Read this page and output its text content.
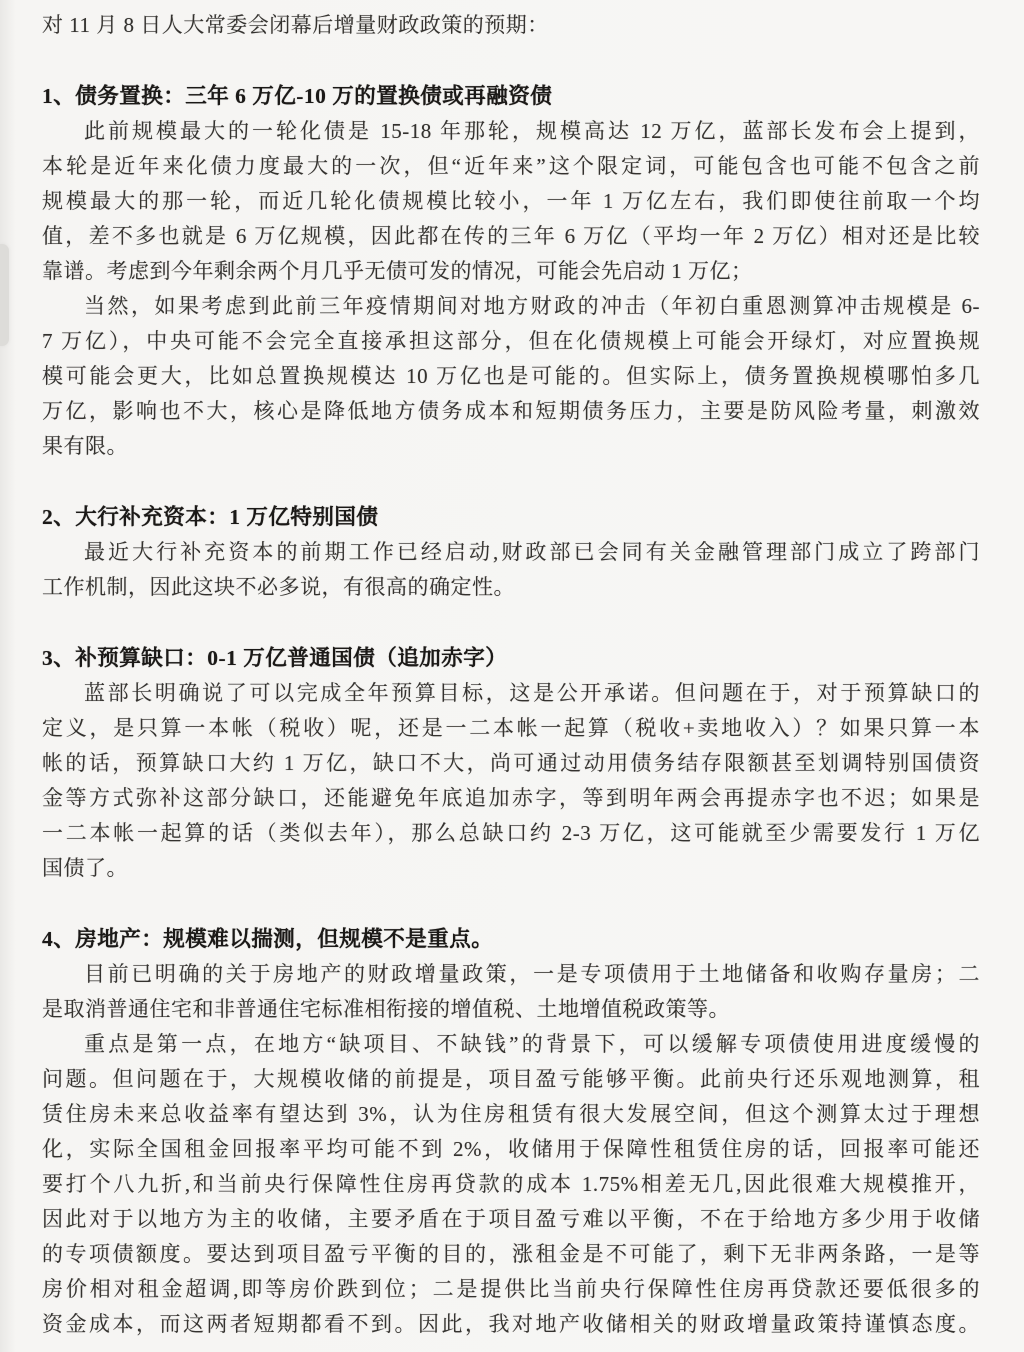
对 11 月 8 日人大常委会闭幕后增量财政政策的预期：
1、债务置换：三年 6 万亿-10 万的置换债或再融资债
此前规模最大的一轮化债是 15-18 年那轮，规模高达 12 万亿，蓝部长发布会上提到，
本轮是近年来化债力度最大的一次，但“近年来”这个限定词，可能包含也可能不包含之前
规模最大的那一轮，而近几轮化债规模比较小，一年 1 万亿左右，我们即使往前取一个均
值，差不多也就是 6 万亿规模，因此都在传的三年 6 万亿（平均一年 2 万亿）相对还是比较
靠谱。考虑到今年剩余两个月几乎无债可发的情况，可能会先启动 1 万亿；
当然，如果考虑到此前三年疫情期间对地方财政的冲击（年初白重恩测算冲击规模是 6-
7 万亿），中央可能不会完全直接承担这部分，但在化债规模上可能会开绿灯，对应置换规
模可能会更大，比如总置换规模达 10 万亿也是可能的。但实际上，债务置换规模哪怕多几
万亿，影响也不大，核心是降低地方债务成本和短期债务压力，主要是防风险考量，刺激效
果有限。
2、大行补充资本：1 万亿特别国债
最近大行补充资本的前期工作已经启动,财政部已会同有关金融管理部门成立了跨部门
工作机制，因此这块不必多说，有很高的确定性。
3、补预算缺口：0-1 万亿普通国债（追加赤字）
蓝部长明确说了可以完成全年预算目标，这是公开承诺。但问题在于，对于预算缺口的
定义，是只算一本帐（税收）呢，还是一二本帐一起算（税收+卖地收入）？如果只算一本
帐的话，预算缺口大约 1 万亿，缺口不大，尚可通过动用债务结存限额甚至划调特别国债资
金等方式弥补这部分缺口，还能避免年底追加赤字，等到明年两会再提赤字也不迟；如果是
一二本帐一起算的话（类似去年），那么总缺口约 2-3 万亿，这可能就至少需要发行 1 万亿
国债了。
4、房地产：规模难以揣测，但规模不是重点。
目前已明确的关于房地产的财政增量政策，一是专项债用于土地储备和收购存量房；二
是取消普通住宅和非普通住宅标准相衔接的增值税、土地增值税政策等。
重点是第一点，在地方“缺项目、不缺钱”的背景下，可以缓解专项债使用进度缓慢的
问题。但问题在于，大规模收储的前提是，项目盈亏能够平衡。此前央行还乐观地测算，租
赁住房未来总收益率有望达到 3%，认为住房租赁有很大发展空间，但这个测算太过于理想
化，实际全国租金回报率平均可能不到 2%，收储用于保障性租赁住房的话，回报率可能还
要打个八九折,和当前央行保障性住房再贷款的成本 1.75%相差无几,因此很难大规模推开，
因此对于以地方为主的收储，主要矛盾在于项目盈亏难以平衡，不在于给地方多少用于收储
的专项债额度。要达到项目盈亏平衡的目的，涨租金是不可能了，剩下无非两条路，一是等
房价相对租金超调,即等房价跌到位；二是提供比当前央行保障性住房再贷款还要低很多的
资金成本，而这两者短期都看不到。因此，我对地产收储相关的财政增量政策持谨慎态度。
